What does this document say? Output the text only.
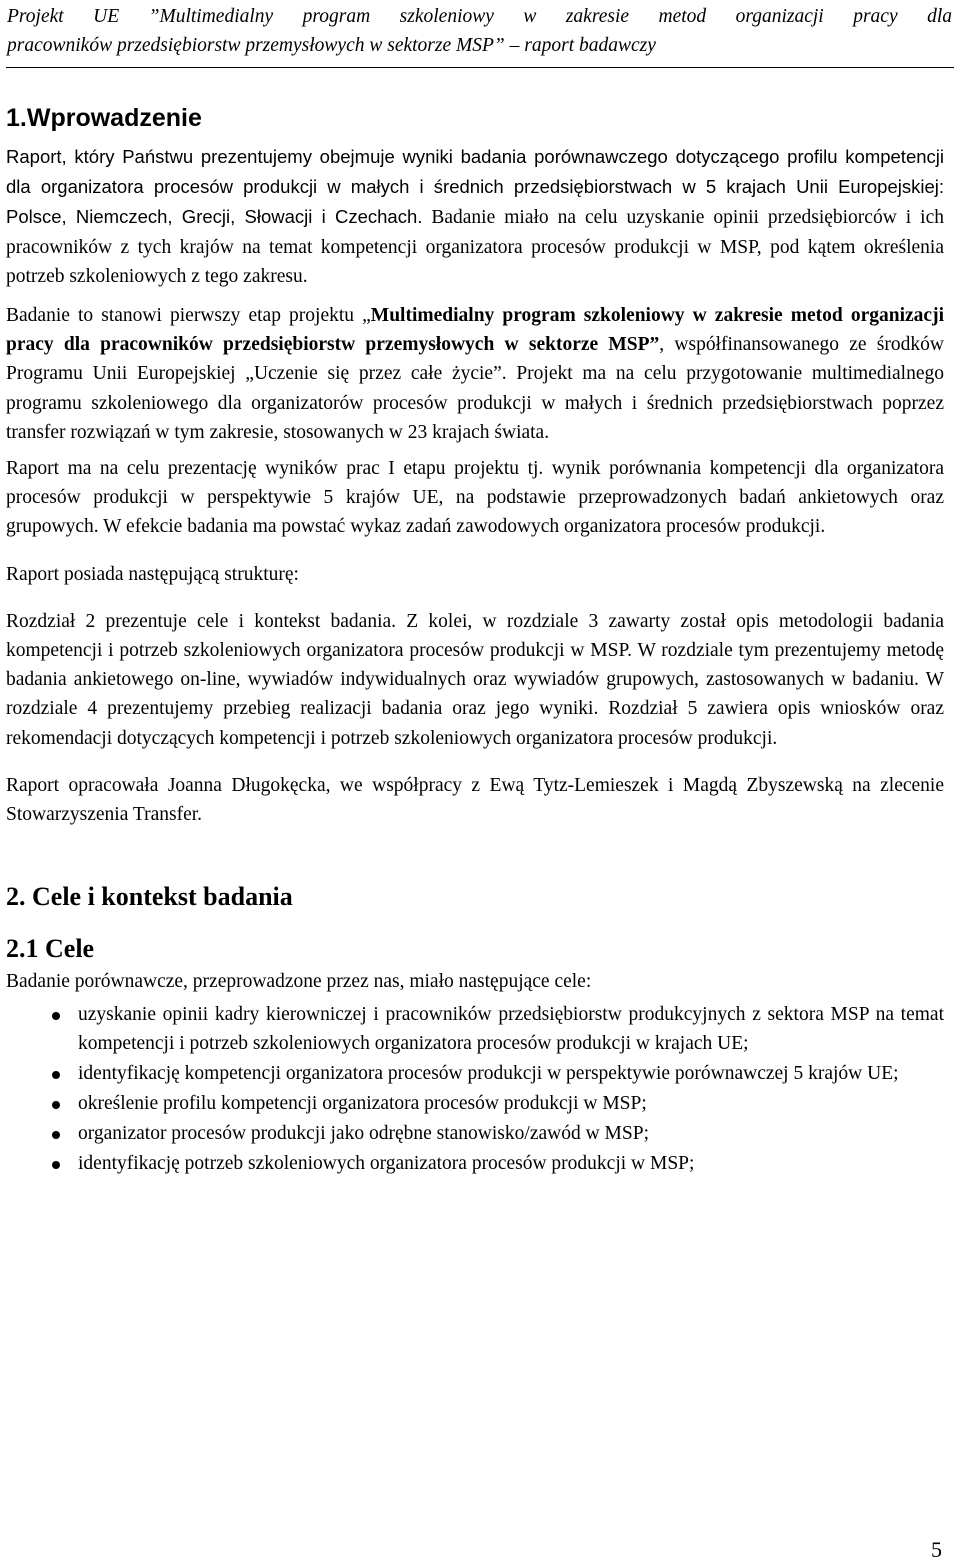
Projekt UE ”Multimedialny program szkoleniowy w zakresie metod organizacji pracy dla
pracowników przedsiębiorstw przemysłowych w sektorze MSP” – raport badawczy
1.Wprowadzenie

Raport, który Państwu prezentujemy obejmuje wyniki badania porównawczego dotyczącego profilu kompetencji dla organizatora procesów produkcji w małych i średnich przedsiębiorstwach w 5 krajach Unii Europejskiej: Polsce, Niemczech, Grecji, Słowacji i Czechach. Badanie miało na celu uzyskanie opinii przedsiębiorców i ich pracowników z tych krajów na temat kompetencji organizatora procesów produkcji w MSP, pod kątem określenia potrzeb szkoleniowych z tego zakresu.

Badanie to stanowi pierwszy etap projektu „Multimedialny program szkoleniowy w zakresie metod organizacji pracy dla pracowników przedsiębiorstw przemysłowych w sektorze MSP”, współfinansowanego ze środków Programu Unii Europejskiej „Uczenie się przez całe życie”. Projekt ma na celu przygotowanie multimedialnego programu szkoleniowego dla organizatorów procesów produkcji w małych i średnich przedsiębiorstwach poprzez transfer rozwiązań w tym zakresie, stosowanych w 23 krajach świata.

Raport ma na celu prezentację wyników prac I etapu projektu tj. wynik porównania kompetencji dla organizatora procesów produkcji w perspektywie 5 krajów UE, na podstawie przeprowadzonych badań ankietowych oraz grupowych. W efekcie badania ma powstać wykaz zadań zawodowych organizatora procesów produkcji.

Raport posiada następującą strukturę:

Rozdział 2 prezentuje cele i kontekst badania. Z kolei, w rozdziale 3 zawarty został opis metodologii badania kompetencji i potrzeb szkoleniowych organizatora procesów produkcji w MSP. W rozdziale tym prezentujemy metodę badania ankietowego on-line, wywiadów indywidualnych oraz wywiadów grupowych, zastosowanych w badaniu. W rozdziale 4 prezentujemy przebieg realizacji badania oraz jego wyniki. Rozdział 5 zawiera opis wniosków oraz rekomendacji dotyczących kompetencji i potrzeb szkoleniowych organizatora procesów produkcji.

Raport opracowała Joanna Długokęcka, we współpracy z Ewą Tytz-Lemieszek i Magdą Zbyszewską na zlecenie Stowarzyszenia Transfer.

2. Cele i kontekst badania
2.1 Cele

Badanie porównawcze, przeprowadzone przez nas, miało następujące cele:

uzyskanie opinii kadry kierowniczej i pracowników przedsiębiorstw produkcyjnych z sektora MSP na temat kompetencji i potrzeb szkoleniowych organizatora procesów produkcji w krajach UE;
identyfikację kompetencji organizatora procesów produkcji w perspektywie porównawczej 5 krajów UE;
określenie profilu kompetencji organizatora procesów produkcji w MSP;
organizator procesów produkcji jako odrębne stanowisko/zawód w MSP;
identyfikację potrzeb szkoleniowych organizatora procesów produkcji w MSP;
5
